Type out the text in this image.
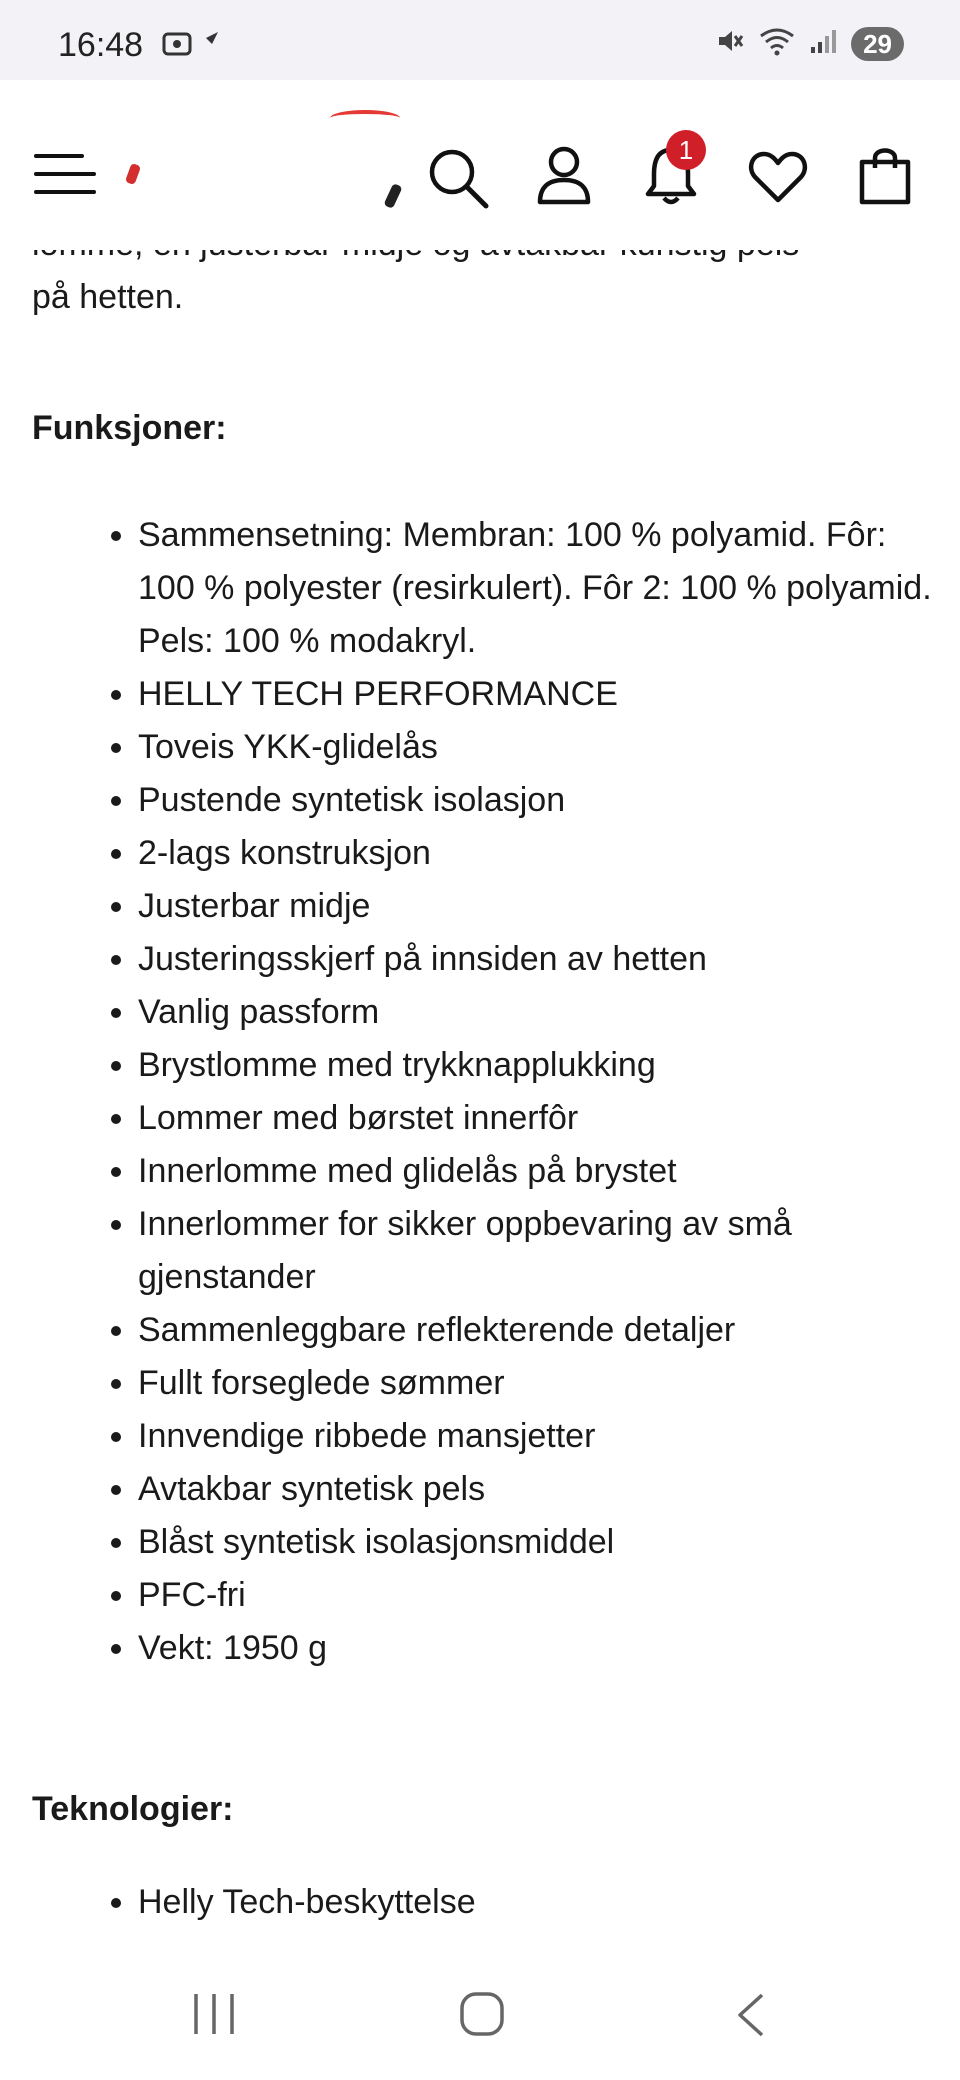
16:48	29

på hetten.

Funksjoner:

• Sammensetning: Membran: 100 % polyamid. Fôr: 100 % polyester (resirkulert). Fôr 2: 100 % polyamid. Pels: 100 % modakryl.
• HELLY TECH PERFORMANCE
• Toveis YKK-glidelås
• Pustende syntetisk isolasjon
• 2-lags konstruksjon
• Justerbar midje
• Justeringsskjerf på innsiden av hetten
• Vanlig passform
• Brystlomme med trykknapplukking
• Lommer med børstet innerfôr
• Innerlomme med glidelås på brystet
• Innerlommer for sikker oppbevaring av små gjenstander
• Sammenleggbare reflekterende detaljer
• Fullt forseglede sømmer
• Innvendige ribbede mansjetter
• Avtakbar syntetisk pels
• Blåst syntetisk isolasjonsmiddel
• PFC-fri
• Vekt: 1950 g

Teknologier:

• Helly Tech-beskyttelse
1
